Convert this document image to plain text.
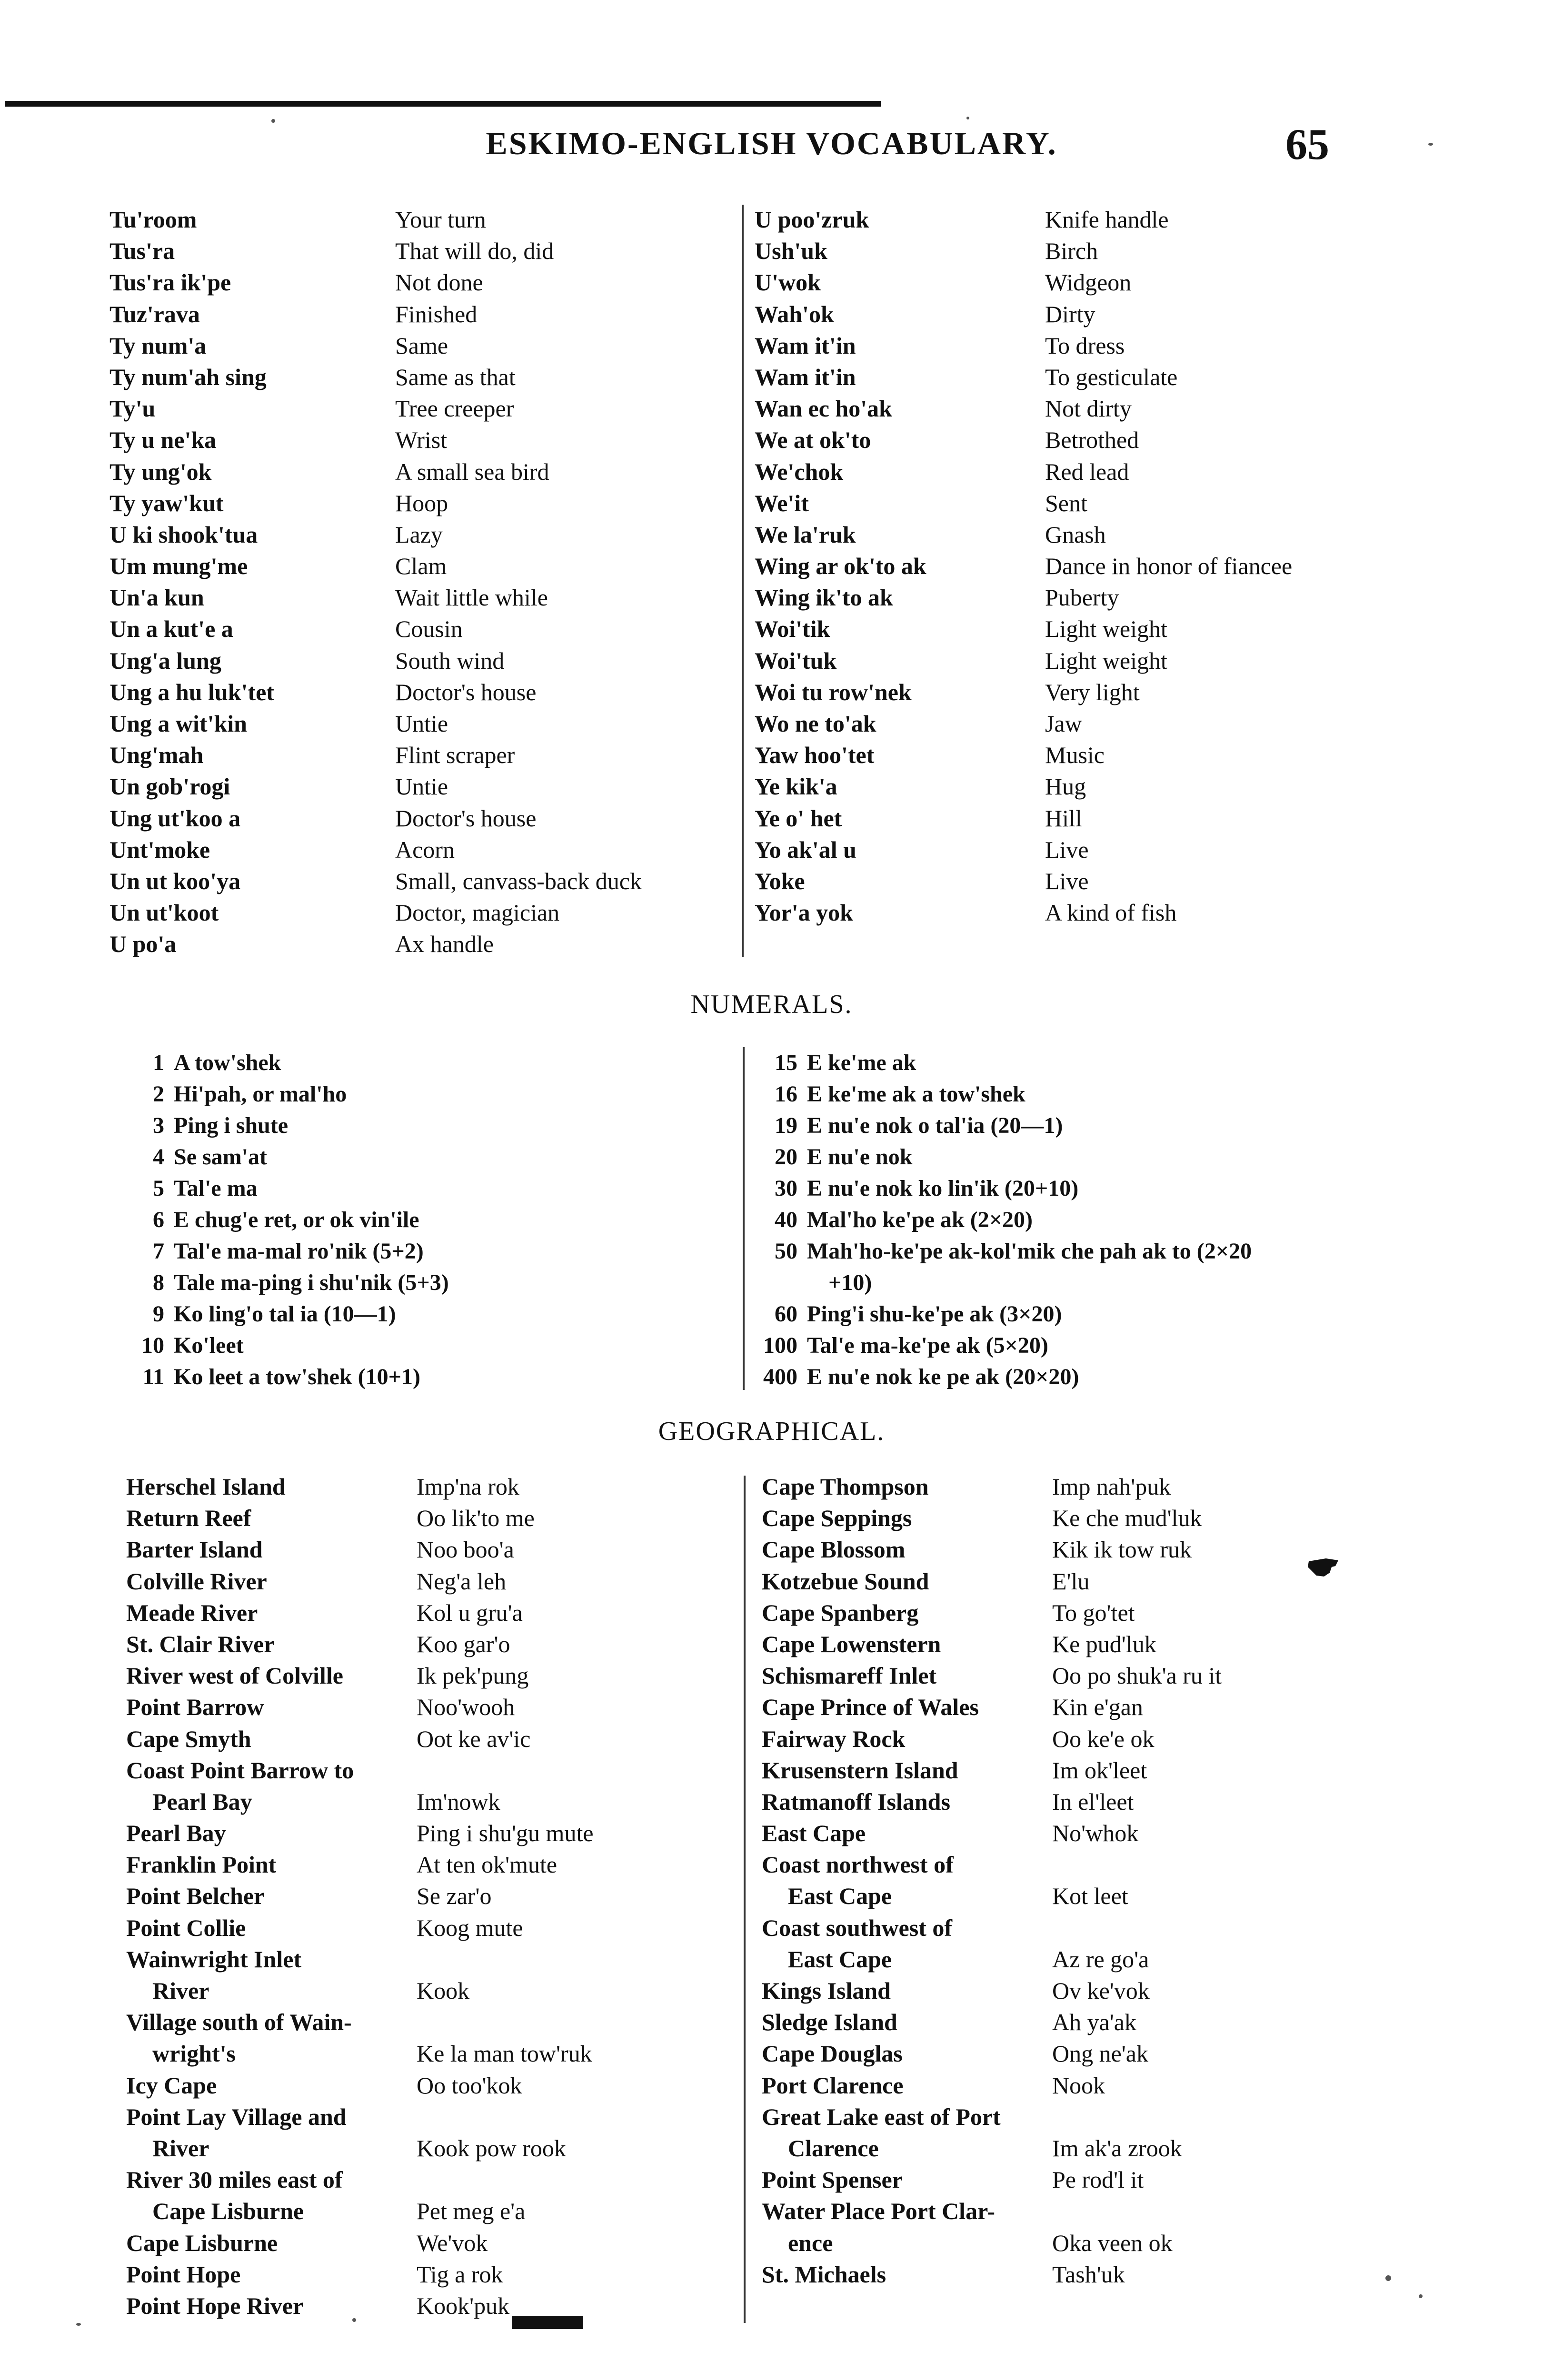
ESKIMO-ENGLISH VOCABULARY.	65
Tu'room	Your turn
Tus'ra	That will do, did
Tus'ra ik'pe	Not done
Tuz'rava	Finished
Ty num'a	Same
Ty num'ah sing	Same as that
Ty'u	Tree creeper
Ty u ne'ka	Wrist
Ty ung'ok	A small sea bird
Ty yaw'kut	Hoop
U ki shook'tua	Lazy
Um mung'me	Clam
Un'a kun	Wait little while
Un a kut'e a	Cousin
Ung'a lung	South wind
Ung a hu luk'tet	Doctor's house
Ung a wit'kin	Untie
Ung'mah	Flint scraper
Un gob'rogi	Untie
Ung ut'koo a	Doctor's house
Unt'moke	Acorn
Un ut koo'ya	Small, canvass-back duck
Un ut'koot	Doctor, magician
U po'a	Ax handle
U poo'zruk	Knife handle
Ush'uk	Birch
U'wok	Widgeon
Wah'ok	Dirty
Wam it'in	To dress
Wam it'in	To gesticulate
Wan ec ho'ak	Not dirty
We at ok'to	Betrothed
We'chok	Red lead
We'it	Sent
We la'ruk	Gnash
Wing ar ok'to ak	Dance in honor of fiancee
Wing ik'to ak	Puberty
Woi'tik	Light weight
Woi'tuk	Light weight
Woi tu row'nek	Very light
Wo ne to'ak	Jaw
Yaw hoo'tet	Music
Ye kik'a	Hug
Ye o' het	Hill
Yo ak'al u	Live
Yoke	Live
Yor'a yok	A kind of fish
NUMERALS.
1 A tow'shek
2 Hi'pah, or mal'ho
3 Ping i shute
4 Se sam'at
5 Tal'e ma
6 E chug'e ret, or ok vin'ile
7 Tal'e ma-mal ro'nik (5+2)
8 Tale ma-ping i shu'nik (5+3)
9 Ko ling'o tal ia (10—1)
10 Ko'leet
11 Ko leet a tow'shek (10+1)
15 E ke'me ak
16 E ke'me ak a tow'shek
19 E nu'e nok o tal'ia (20—1)
20 E nu'e nok
30 E nu'e nok ko lin'ik (20+10)
40 Mal'ho ke'pe ak (2×20)
50 Mah'ho-ke'pe ak-kol'mik che pah ak to (2×20
+10)
60 Ping'i shu-ke'pe ak (3×20)
100 Tal'e ma-ke'pe ak (5×20)
400 E nu'e nok ke pe ak (20×20)
GEOGRAPHICAL.
Herschel Island	Imp'na rok
Return Reef	Oo lik'to me
Barter Island	Noo boo'a
Colville River	Neg'a leh
Meade River	Kol u gru'a
St. Clair River	Koo gar'o
River west of Colville	Ik pek'pung
Point Barrow	Noo'wooh
Cape Smyth	Oot ke av'ic
Coast Point Barrow to
Pearl Bay	Im'nowk
Pearl Bay	Ping i shu'gu mute
Franklin Point	At ten ok'mute
Point Belcher	Se zar'o
Point Collie	Koog mute
Wainwright Inlet
River	Kook
Village south of Wain-
wright's	Ke la man tow'ruk
Icy Cape	Oo too'kok
Point Lay Village and
River	Kook pow rook
River 30 miles east of
Cape Lisburne	Pet meg e'a
Cape Lisburne	We'vok
Point Hope	Tig a rok
Point Hope River	Kook'puk
Cape Thompson	Imp nah'puk
Cape Seppings	Ke che mud'luk
Cape Blossom	Kik ik tow ruk
Kotzebue Sound	E'lu
Cape Spanberg	To go'tet
Cape Lowenstern	Ke pud'luk
Schismareff Inlet	Oo po shuk'a ru it
Cape Prince of Wales	Kin e'gan
Fairway Rock	Oo ke'e ok
Krusenstern Island	Im ok'leet
Ratmanoff Islands	In el'leet
East Cape	No'whok
Coast northwest of
East Cape	Kot leet
Coast southwest of
East Cape	Az re go'a
Kings Island	Ov ke'vok
Sledge Island	Ah ya'ak
Cape Douglas	Ong ne'ak
Port Clarence	Nook
Great Lake east of Port
Clarence	Im ak'a zrook
Point Spenser	Pe rod'l it
Water Place Port Clar-
ence	Oka veen ok
St. Michaels	Tash'uk
